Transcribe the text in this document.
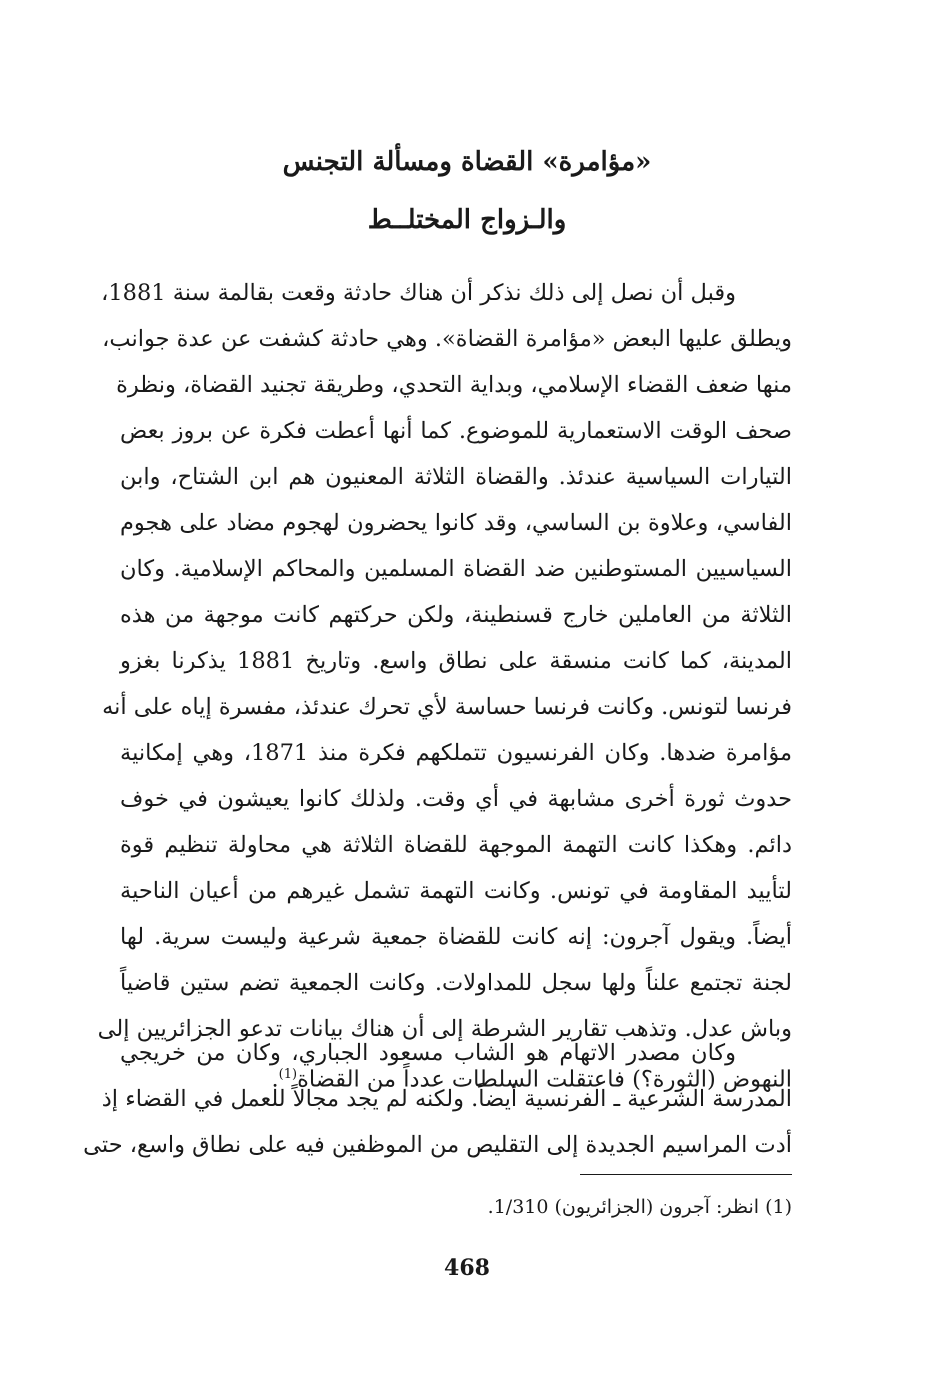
«مؤامرة» القضاة ومسألة التجنس
والـزواج المختلــط
وقبل أن نصل إلى ذلك نذكر أن هناك حادثة وقعت بقالمة سنة 1881،
ويطلق عليها البعض «مؤامرة القضاة». وهي حادثة كشفت عن عدة جوانب،
منها ضعف القضاء الإسلامي، وبداية التحدي، وطريقة تجنيد القضاة، ونظرة
صحف الوقت الاستعمارية للموضوع. كما أنها أعطت فكرة عن بروز بعض
التيارات السياسية عندئذ. والقضاة الثلاثة المعنيون هم ابن الشتاح، وابن
الفاسي، وعلاوة بن الساسي، وقد كانوا يحضرون لهجوم مضاد على هجوم
السياسيين المستوطنين ضد القضاة المسلمين والمحاكم الإسلامية. وكان
الثلاثة من العاملين خارج قسنطينة، ولكن حركتهم كانت موجهة من هذه
المدينة، كما كانت منسقة على نطاق واسع. وتاريخ 1881 يذكرنا بغزو
فرنسا لتونس. وكانت فرنسا حساسة لأي تحرك عندئذ، مفسرة إياه على أنه
مؤامرة ضدها. وكان الفرنسيون تتملكهم فكرة منذ 1871، وهي إمكانية
حدوث ثورة أخرى مشابهة في أي وقت. ولذلك كانوا يعيشون في خوف
دائم. وهكذا كانت التهمة الموجهة للقضاة الثلاثة هي محاولة تنظيم قوة
لتأييد المقاومة في تونس. وكانت التهمة تشمل غيرهم من أعيان الناحية
أيضاً. ويقول آجرون: إنه كانت للقضاة جمعية شرعية وليست سرية. لها
لجنة تجتمع علناً ولها سجل للمداولات. وكانت الجمعية تضم ستين قاضياً
وباش عدل. وتذهب تقارير الشرطة إلى أن هناك بيانات تدعو الجزائريين إلى
النهوض (الثورة؟) فاعتقلت السلطات عدداً من القضاة$^{(1)}$.
وكان مصدر الاتهام هو الشاب مسعود الجباري، وكان من خريجي
المدرسة الشرعية ـ الفرنسية أيضاً. ولكنه لم يجد مجالاً للعمل في القضاء إذ
أدت المراسيم الجديدة إلى التقليص من الموظفين فيه على نطاق واسع، حتى
(1) انظر: آجرون (الجزائريون) 1/310.
468
